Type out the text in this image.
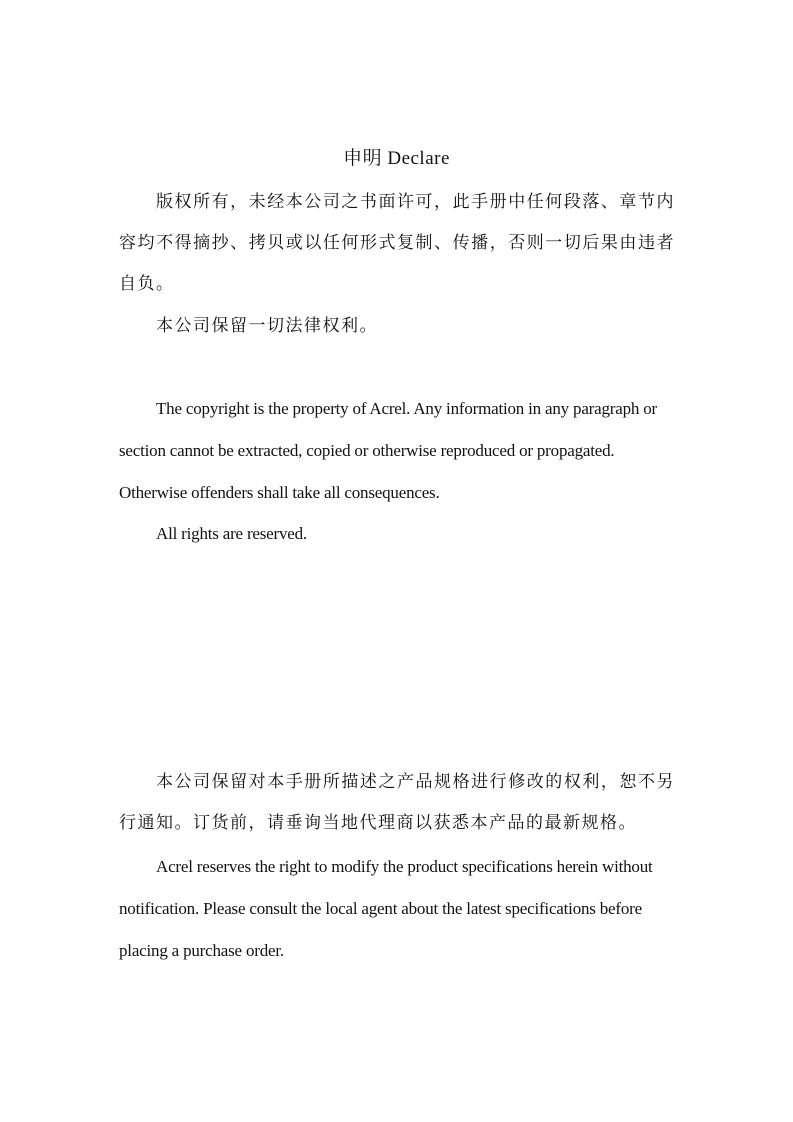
申明 Declare

版权所有，未经本公司之书面许可，此手册中任何段落、章节内容均不得摘抄、拷贝或以任何形式复制、传播，否则一切后果由违者自负。

本公司保留一切法律权利。

The copyright is the property of Acrel. Any information in any paragraph or section cannot be extracted, copied or otherwise reproduced or propagated. Otherwise offenders shall take all consequences.

All rights are reserved.

本公司保留对本手册所描述之产品规格进行修改的权利，恕不另行通知。订货前，请垂询当地代理商以获悉本产品的最新规格。

Acrel reserves the right to modify the product specifications herein without notification. Please consult the local agent about the latest specifications before placing a purchase order.
